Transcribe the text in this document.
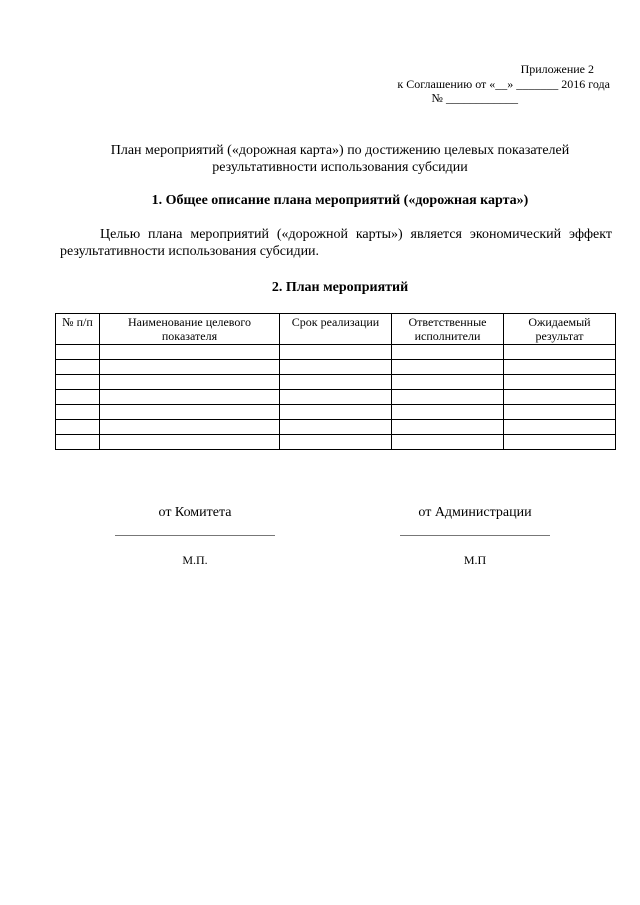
Приложение 2
к Соглашению от «__» _______ 2016 года
№ ____________
План мероприятий («дорожная карта») по достижению целевых показателей результативности использования субсидии
1. Общее описание плана мероприятий («дорожная карта»)
Целью плана мероприятий («дорожной карты») является экономический эффект результативности использования субсидии.
2. План мероприятий
№ п/п	Наименование целевого показателя	Срок реализации	Ответственные исполнители	Ожидаемый результат

от Комитета
М.П.
от Администрации
М.П
